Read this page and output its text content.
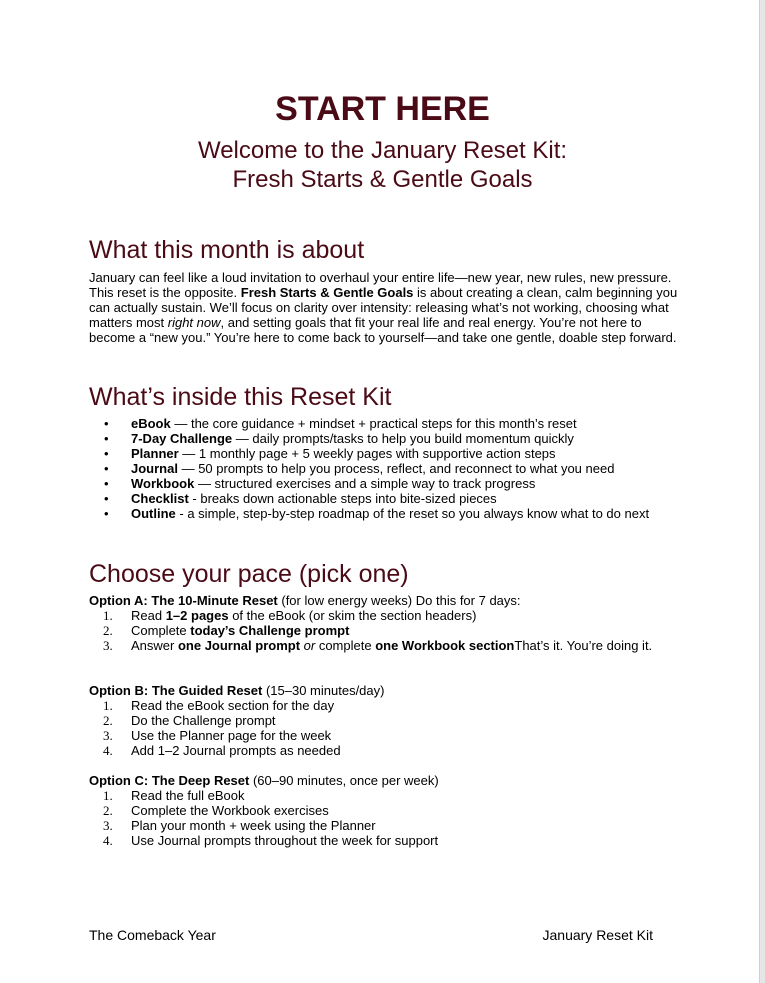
START HERE
Welcome to the January Reset Kit:
Fresh Starts & Gentle Goals
What this month is about
January can feel like a loud invitation to overhaul your entire life—new year, new rules, new pressure. This reset is the opposite. Fresh Starts & Gentle Goals is about creating a clean, calm beginning you can actually sustain. We’ll focus on clarity over intensity: releasing what’s not working, choosing what matters most right now, and setting goals that fit your real life and real energy. You’re not here to become a “new you.” You’re here to come back to yourself—and take one gentle, doable step forward.
What’s inside this Reset Kit
• eBook — the core guidance + mindset + practical steps for this month’s reset
• 7-Day Challenge — daily prompts/tasks to help you build momentum quickly
• Planner — 1 monthly page + 5 weekly pages with supportive action steps
• Journal — 50 prompts to help you process, reflect, and reconnect to what you need
• Workbook — structured exercises and a simple way to track progress
• Checklist - breaks down actionable steps into bite-sized pieces
• Outline - a simple, step-by-step roadmap of the reset so you always know what to do next
Choose your pace (pick one)
Option A: The 10-Minute Reset (for low energy weeks) Do this for 7 days:
1. Read 1–2 pages of the eBook (or skim the section headers)
2. Complete today’s Challenge prompt
3. Answer one Journal prompt or complete one Workbook sectionThat’s it. You’re doing it.
Option B: The Guided Reset (15–30 minutes/day)
1. Read the eBook section for the day
2. Do the Challenge prompt
3. Use the Planner page for the week
4. Add 1–2 Journal prompts as needed
Option C: The Deep Reset (60–90 minutes, once per week)
1. Read the full eBook
2. Complete the Workbook exercises
3. Plan your month + week using the Planner
4. Use Journal prompts throughout the week for support
The Comeback Year	January Reset Kit
